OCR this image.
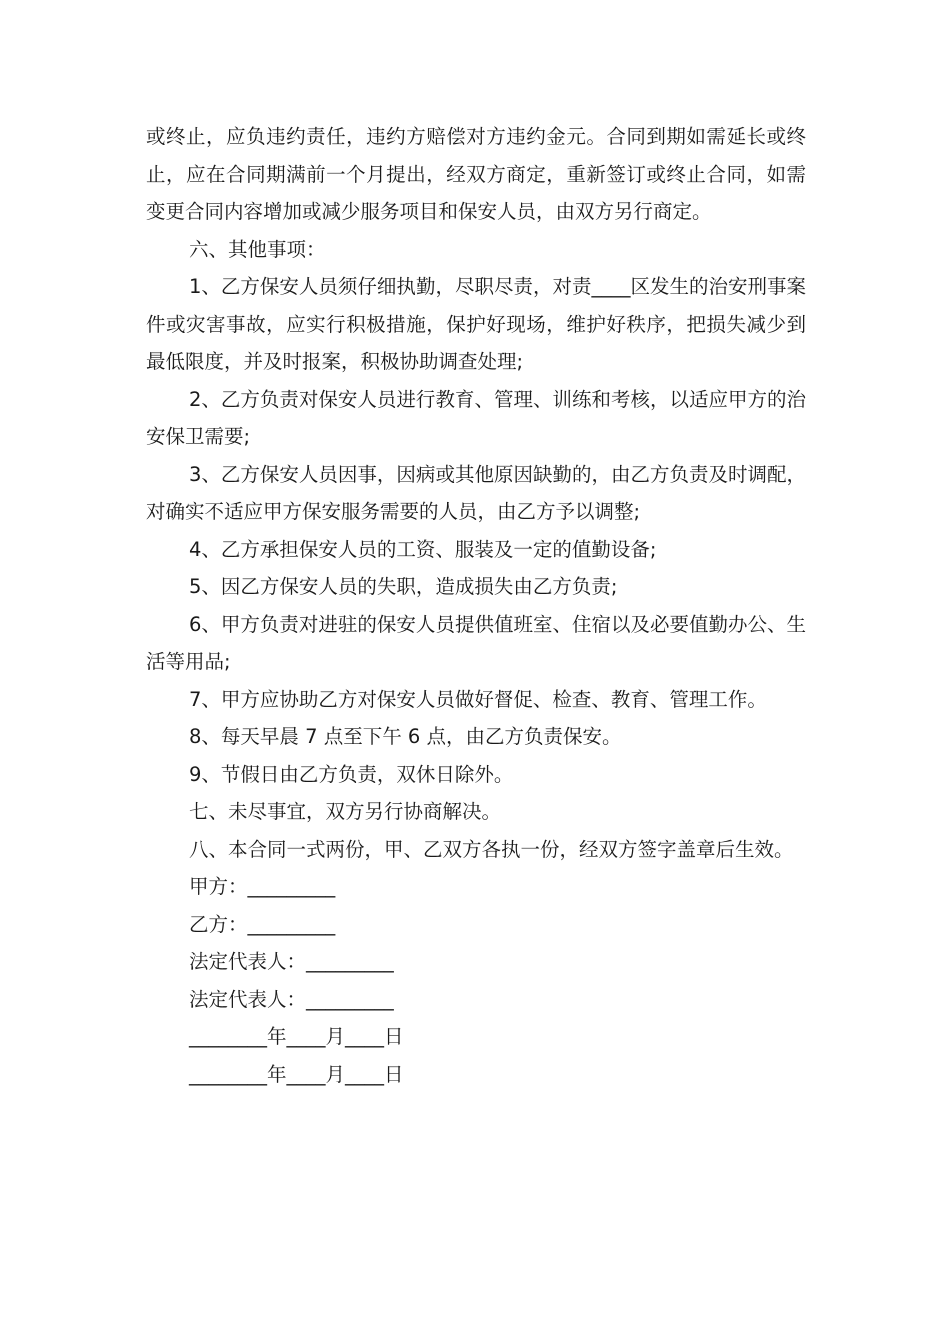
或终止，应负违约责任，违约方赔偿对方违约金元。合同到期如需延长或终止，应在合同期满前一个月提出，经双方商定，重新签订或终止合同，如需变更合同内容增加或减少服务项目和保安人员，由双方另行商定。

六、其他事项：

1、乙方保安人员须仔细执勤，尽职尽责，对责____区发生的治安刑事案件或灾害事故，应实行积极措施，保护好现场，维护好秩序，把损失减少到最低限度，并及时报案，积极协助调查处理;

2、乙方负责对保安人员进行教育、管理、训练和考核，以适应甲方的治安保卫需要;

3、乙方保安人员因事，因病或其他原因缺勤的，由乙方负责及时调配，对确实不适应甲方保安服务需要的人员，由乙方予以调整;

4、乙方承担保安人员的工资、服装及一定的值勤设备;

5、因乙方保安人员的失职，造成损失由乙方负责;

6、甲方负责对进驻的保安人员提供值班室、住宿以及必要值勤办公、生活等用品;

7、甲方应协助乙方对保安人员做好督促、检查、教育、管理工作。

8、每天早晨 7 点至下午 6 点，由乙方负责保安。

9、节假日由乙方负责，双休日除外。

七、未尽事宜，双方另行协商解决。

八、本合同一式两份，甲、乙双方各执一份，经双方签字盖章后生效。

甲方：_________

乙方：_________

法定代表人：_________

法定代表人：_________

________年____月____日

________年____月____日
